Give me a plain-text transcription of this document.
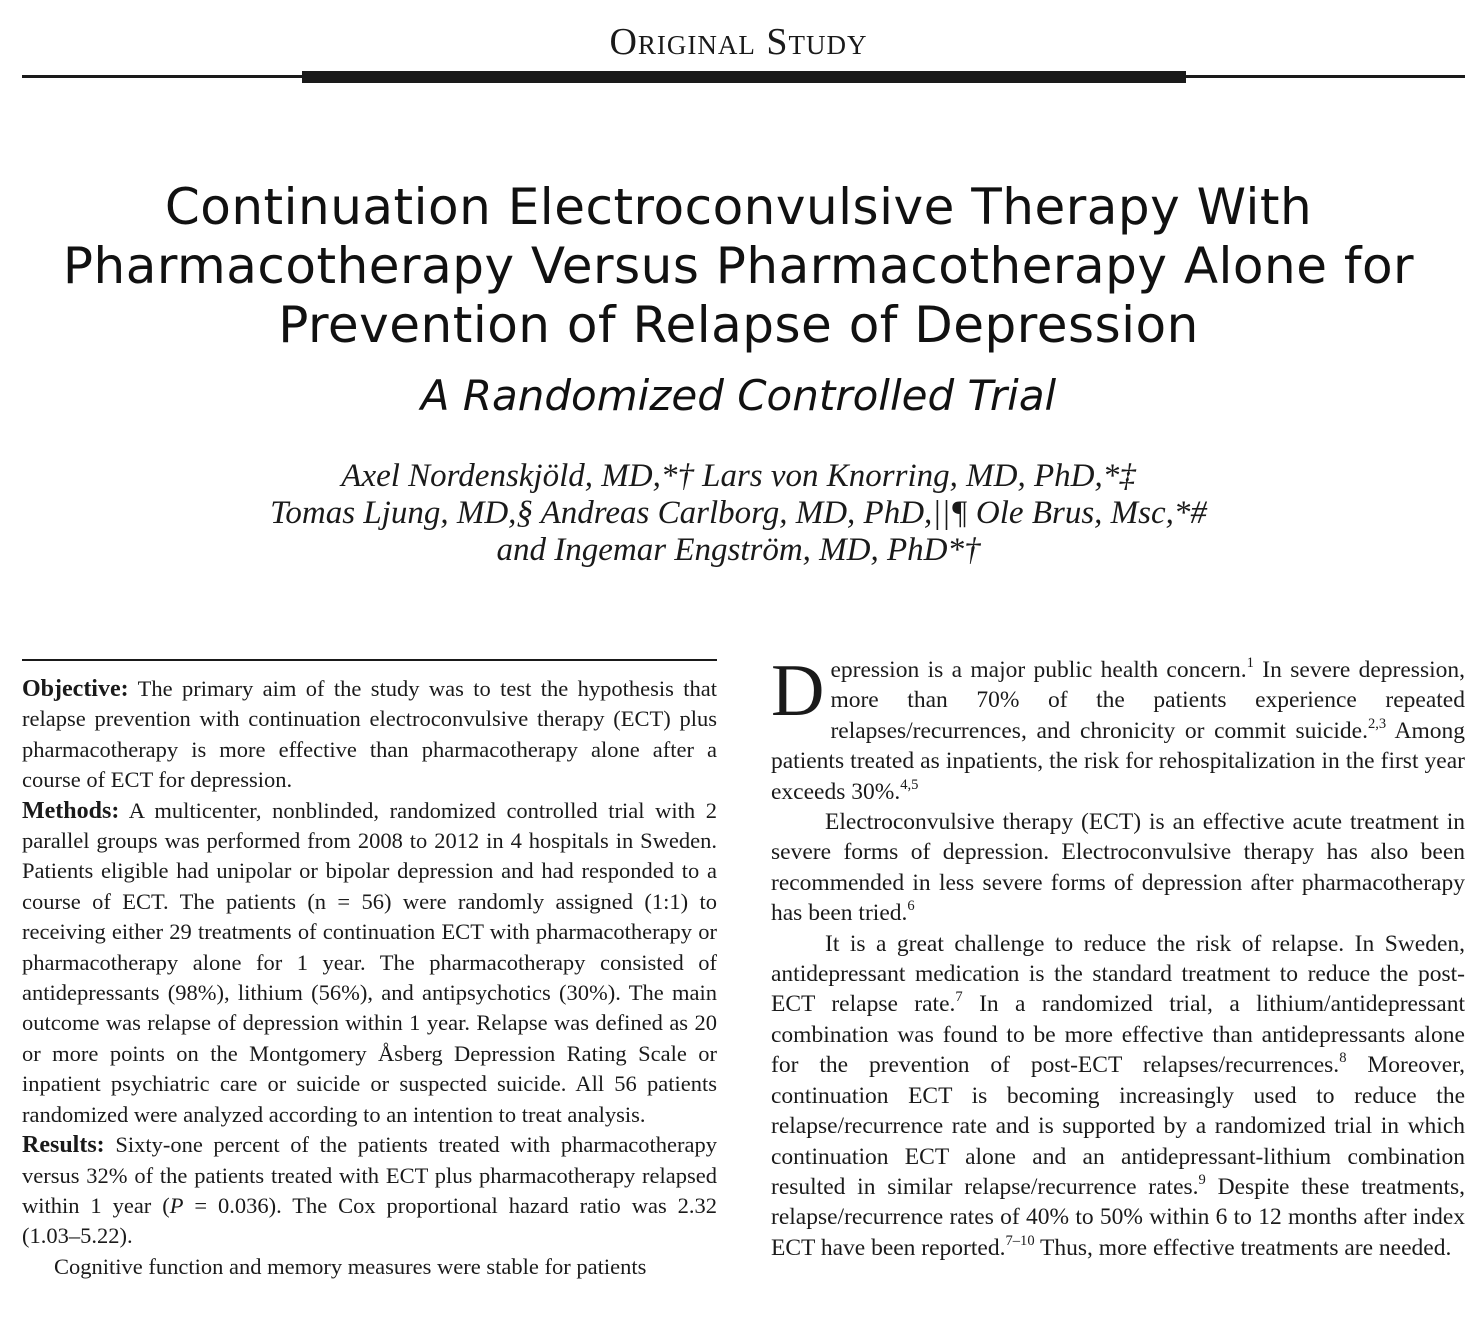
Original Study
Continuation Electroconvulsive Therapy With
Pharmacotherapy Versus Pharmacotherapy Alone for
Prevention of Relapse of Depression
A Randomized Controlled Trial
Axel Nordenskjöld, MD,*† Lars von Knorring, MD, PhD,*‡
Tomas Ljung, MD,§ Andreas Carlborg, MD, PhD,||¶ Ole Brus, Msc,*#
and Ingemar Engström, MD, PhD*†

Objective: The primary aim of the study was to test the hypothesis that relapse prevention with continuation electroconvulsive therapy (ECT) plus pharmacotherapy is more effective than pharmacotherapy alone after a course of ECT for depression.

Methods: A multicenter, nonblinded, randomized controlled trial with 2 parallel groups was performed from 2008 to 2012 in 4 hospitals in Sweden. Patients eligible had unipolar or bipolar depression and had responded to a course of ECT. The patients (n = 56) were randomly assigned (1:1) to receiving either 29 treatments of continuation ECT with pharmacotherapy or pharmacotherapy alone for 1 year. The pharmacotherapy consisted of antidepressants (98%), lithium (56%), and antipsychotics (30%). The main outcome was relapse of depression within 1 year. Relapse was defined as 20 or more points on the Montgomery Åsberg Depression Rating Scale or inpatient psychiatric care or suicide or suspected suicide. All 56 patients randomized were analyzed according to an intention to treat analysis.

Results: Sixty-one percent of the patients treated with pharmacotherapy versus 32% of the patients treated with ECT plus pharmacotherapy relapsed within 1 year (P = 0.036). The Cox proportional hazard ratio was 2.32 (1.03–5.22).

Cognitive function and memory measures were stable for patients

Depression is a major public health concern.$^1$ In severe depression, more than 70% of the patients experience repeated relapses/recurrences, and chronicity or commit suicide.$^{2,3}$ Among patients treated as inpatients, the risk for rehospitalization in the first year exceeds 30%.$^{4,5}$

Electroconvulsive therapy (ECT) is an effective acute treatment in severe forms of depression. Electroconvulsive therapy has also been recommended in less severe forms of depression after pharmacotherapy has been tried.$^6$

It is a great challenge to reduce the risk of relapse. In Sweden, antidepressant medication is the standard treatment to reduce the post-ECT relapse rate.$^7$ In a randomized trial, a lithium/antidepressant combination was found to be more effective than antidepressants alone for the prevention of post-ECT relapses/recurrences.$^8$ Moreover, continuation ECT is becoming increasingly used to reduce the relapse/recurrence rate and is supported by a randomized trial in which continuation ECT alone and an antidepressant-lithium combination resulted in similar relapse/recurrence rates.$^9$ Despite these treatments, relapse/recurrence rates of 40% to 50% within 6 to 12 months after index ECT have been reported.$^{7-10}$ Thus, more effective treatments are needed.
